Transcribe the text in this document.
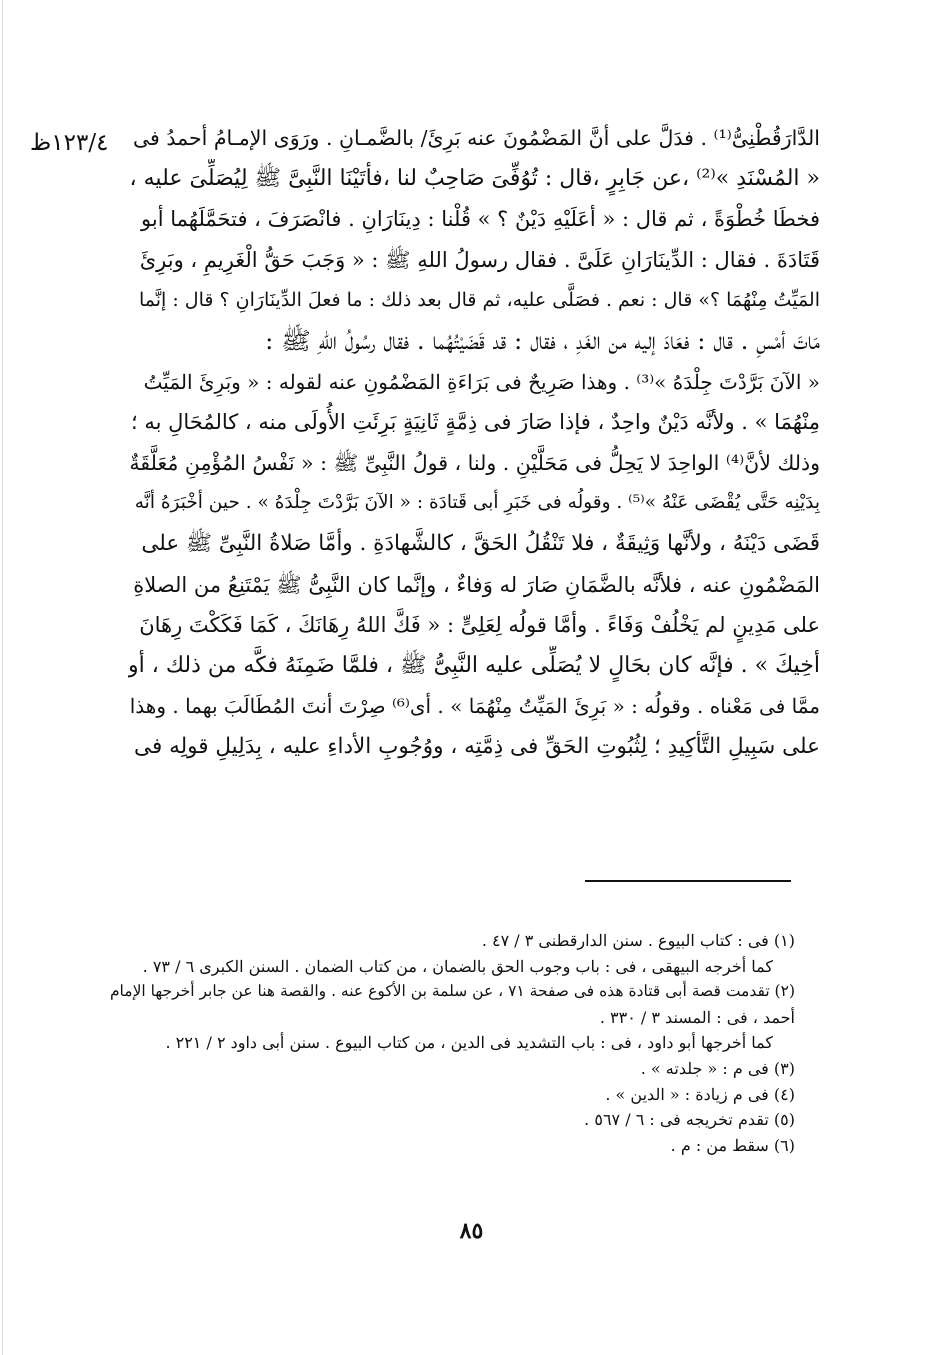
١٢٣/٤ظ الدَّارَقُطْنِىُّ⁽¹⁾ . فدَلَّ على أنَّ المَضْمُونَ عنه بَرِئَ/ بالضَّمـانِ . ورَوَى الإمـامُ أحمدُ فى
« المُسْنَدِ »⁽²⁾ ،عن جَابِرٍ ،قال : تُوُفِّىَ صَاحِبٌ لنا ،فأتَيْنَا النَّبِىَّ ﷺ لِيُصَلِّىَ عليه ،
فخطَا خُطْوَةً ، ثم قال : « أعَلَيْهِ دَيْنٌ ؟ » قُلْنا : دِينَارَانِ . فانْصَرَفَ ، فتحَمَّلَهُما أبو
قَتَادَةَ . فقال : الدِّينَارَانِ عَلَىَّ . فقال رسولُ اللهِ ﷺ : « وَجَبَ حَقُّ الْغَرِيمِ ، وبَرِئَ
المَيِّتُ مِنْهُمَا ؟» قال : نعم . فصَلَّى عليه، ثم قال بعد ذلك : ما فعلَ الدِّينَارَانِ ؟ قال : إنَّما
مَاتَ أمْسِ . قال : فعَادَ إليه من الغَدِ ، فقال : قد قَضَيْتُهُما . فقال رسُولُ اللهِ ﷺ :
« الآنَ بَرَّدْتَ جِلْدَهُ »⁽³⁾ . وهذا صَرِيحٌ فى بَرَاءَةِ المَضْمُونِ عنه لقوله : « وبَرِئَ المَيِّتُ
مِنْهُمَا » . ولأنَّه دَيْنٌ واحِدٌ ، فإذا صَارَ فى ذِمَّةٍ ثَانِيَةٍ بَرِئَتِ الأُولَى منه ، كالمُحَالِ به ؛
وذلك لأنَّ⁽⁴⁾ الواحِدَ لا يَحِلُّ فى مَحَلَّيْنِ . ولنا ، قولُ النَّبِىِّ ﷺ : « نَفْسُ المُؤْمِنِ مُعَلَّقَةٌ
بِدَيْنِه حَتَّى يُقْضَى عَنْهُ »⁽⁵⁾ . وقولُه فى خَبَرِ أبى قَتادَة : « الآنَ بَرَّدْتَ جِلْدَهُ » . حين أخْبَرَهُ أنَّه
قَضَى دَيْنَهُ ، ولأنَّها وَثِيقَةٌ ، فلا تَنْقُلُ الحَقَّ ، كالشَّهادَةِ . وأمَّا صَلاةُ النَّبِىِّ ﷺ على
المَضْمُونِ عنه ، فلأنَّه بالضَّمَانِ صَارَ له وَفاءٌ ، وإنَّما كان النَّبِىُّ ﷺ يَمْتَنِعُ من الصلاةِ
على مَدِينٍ لم يَخْلُفْ وَفَاءً . وأمَّا قولُه لِعَلِىٍّ : « فَكَّ اللهُ رِهَانَكَ ، كَمَا فَكَكْتَ رِهَانَ
أخِيكَ » . فإنَّه كان بحَالٍ لا يُصَلِّى عليه النَّبِىُّ ﷺ ، فلمَّا ضَمِنَهُ فكَّه من ذلك ، أو
ممَّا فى مَعْناه . وقولُه : « بَرِئَ المَيِّتُ مِنْهُمَا » . أى⁽⁶⁾ صِرْتَ أنتَ المُطَالَبَ بهما . وهذا
على سَبِيلِ التَّأكِيدِ ؛ لِثُبُوتِ الحَقِّ فى ذِمَّتِه ، ووُجُوبِ الأداءِ عليه ، بِدَلِيلِ قولِه فى
(١) فى : كتاب البيوع . سنن الدارقطنى ٣ / ٤٧ .
كما أخرجه البيهقى ، فى : باب وجوب الحق بالضمان ، من كتاب الضمان . السنن الكبرى ٦ / ٧٣ .
(٢) تقدمت قصة أبى قتادة هذه فى صفحة ٧١ ، عن سلمة بن الأكوع عنه . والقصة هنا عن جابر أخرجها الإمام
أحمد ، فى : المسند ٣ / ٣٣٠ .
كما أخرجها أبو داود ، فى : باب التشديد فى الدين ، من كتاب البيوع . سنن أبى داود ٢ / ٢٢١ .
(٣) فى م : « جلدته » .
(٤) فى م زيادة : « الدين » .
(٥) تقدم تخريجه فى : ٦ / ٥٦٧ .
(٦) سقط من : م .
٨٥
